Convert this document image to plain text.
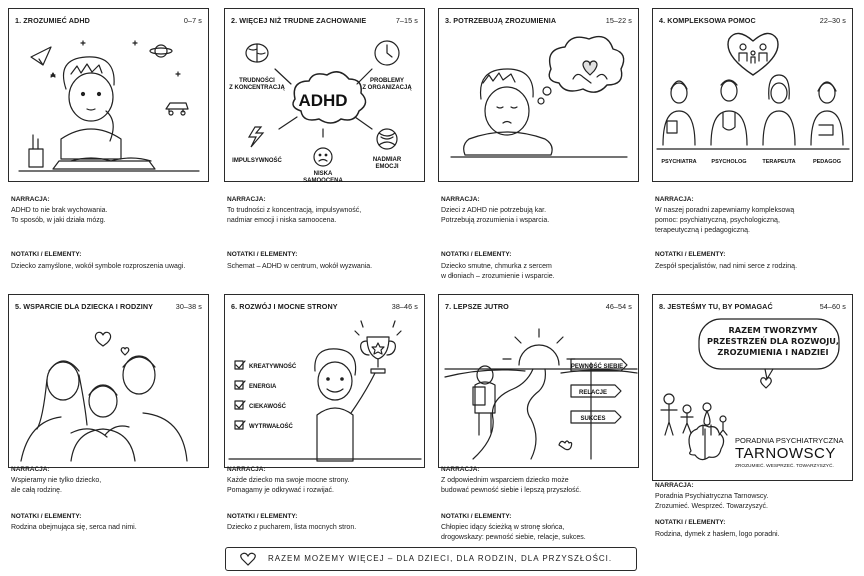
1. ZROZUMIEĆ ADHD	0–7 s
NARRACJA:
ADHD to nie brak wychowania.
To sposób, w jaki działa mózg.
NOTATKI / ELEMENTY:
Dziecko zamyślone, wokół symbole rozproszenia uwagi.
2. WIĘCEJ NIŻ TRUDNE ZACHOWANIE	7–15 s
ADHD
TRUDNOŚCI Z KONCENTRACJĄ
PROBLEMY Z ORGANIZACJĄ
IMPULSYWNOŚĆ
NISKA SAMOOCENA
NADMIAR EMOCJI
NARRACJA:
To trudności z koncentracją, impulsywność,
nadmiar emocji i niska samoocena.
NOTATKI / ELEMENTY:
Schemat – ADHD w centrum, wokół wyzwania.
3. POTRZEBUJĄ ZROZUMIENIA	15–22 s
NARRACJA:
Dzieci z ADHD nie potrzebują kar.
Potrzebują zrozumienia i wsparcia.
NOTATKI / ELEMENTY:
Dziecko smutne, chmurka z sercem
w dłoniach – zrozumienie i wsparcie.
4. KOMPLEKSOWA POMOC	22–30 s
PSYCHIATRA	PSYCHOLOG	TERAPEUTA	PEDAGOG
NARRACJA:
W naszej poradni zapewniamy kompleksową
pomoc: psychiatryczną, psychologiczną,
terapeutyczną i pedagogiczną.
NOTATKI / ELEMENTY:
Zespół specjalistów, nad nimi serce z rodziną.
5. WSPARCIE DLA DZIECKA I RODZINY	30–38 s
NARRACJA:
Wspieramy nie tylko dziecko,
ale całą rodzinę.
NOTATKI / ELEMENTY:
Rodzina obejmująca się, serca nad nimi.
6. ROZWÓJ I MOCNE STRONY	38–46 s
KREATYWNOŚĆ
ENERGIA
CIEKAWOŚĆ
WYTRWAŁOŚĆ
NARRACJA:
Każde dziecko ma swoje mocne strony.
Pomagamy je odkrywać i rozwijać.
NOTATKI / ELEMENTY:
Dziecko z pucharem, lista mocnych stron.
7. LEPSZE JUTRO	46–54 s
PEWNOŚĆ SIEBIE
RELACJE
SUKCES
NARRACJA:
Z odpowiednim wsparciem dziecko może
budować pewność siebie i lepszą przyszłość.
NOTATKI / ELEMENTY:
Chłopiec idący ścieżką w stronę słońca,
drogowskazy: pewność siebie, relacje, sukces.
8. JESTEŚMY TU, BY POMAGAĆ	54–60 s
PORADNIA PSYCHIATRYCZNA
TARNOWSCY
ZROZUMIEĆ. WESPRZEĆ. TOWARZYSZYĆ.
RAZEM TWORZYMY
PRZESTRZEŃ DLA ROZWOJU,
ZROZUMIENIA I NADZIEI
NARRACJA:
Poradnia Psychiatryczna Tarnowscy.
Zrozumieć. Wesprzeć. Towarzyszyć.
NOTATKI / ELEMENTY:
Rodzina, dymek z hasłem, logo poradni.
RAZEM MOŻEMY WIĘCEJ – DLA DZIECI, DLA RODZIN, DLA PRZYSZŁOŚCI.
